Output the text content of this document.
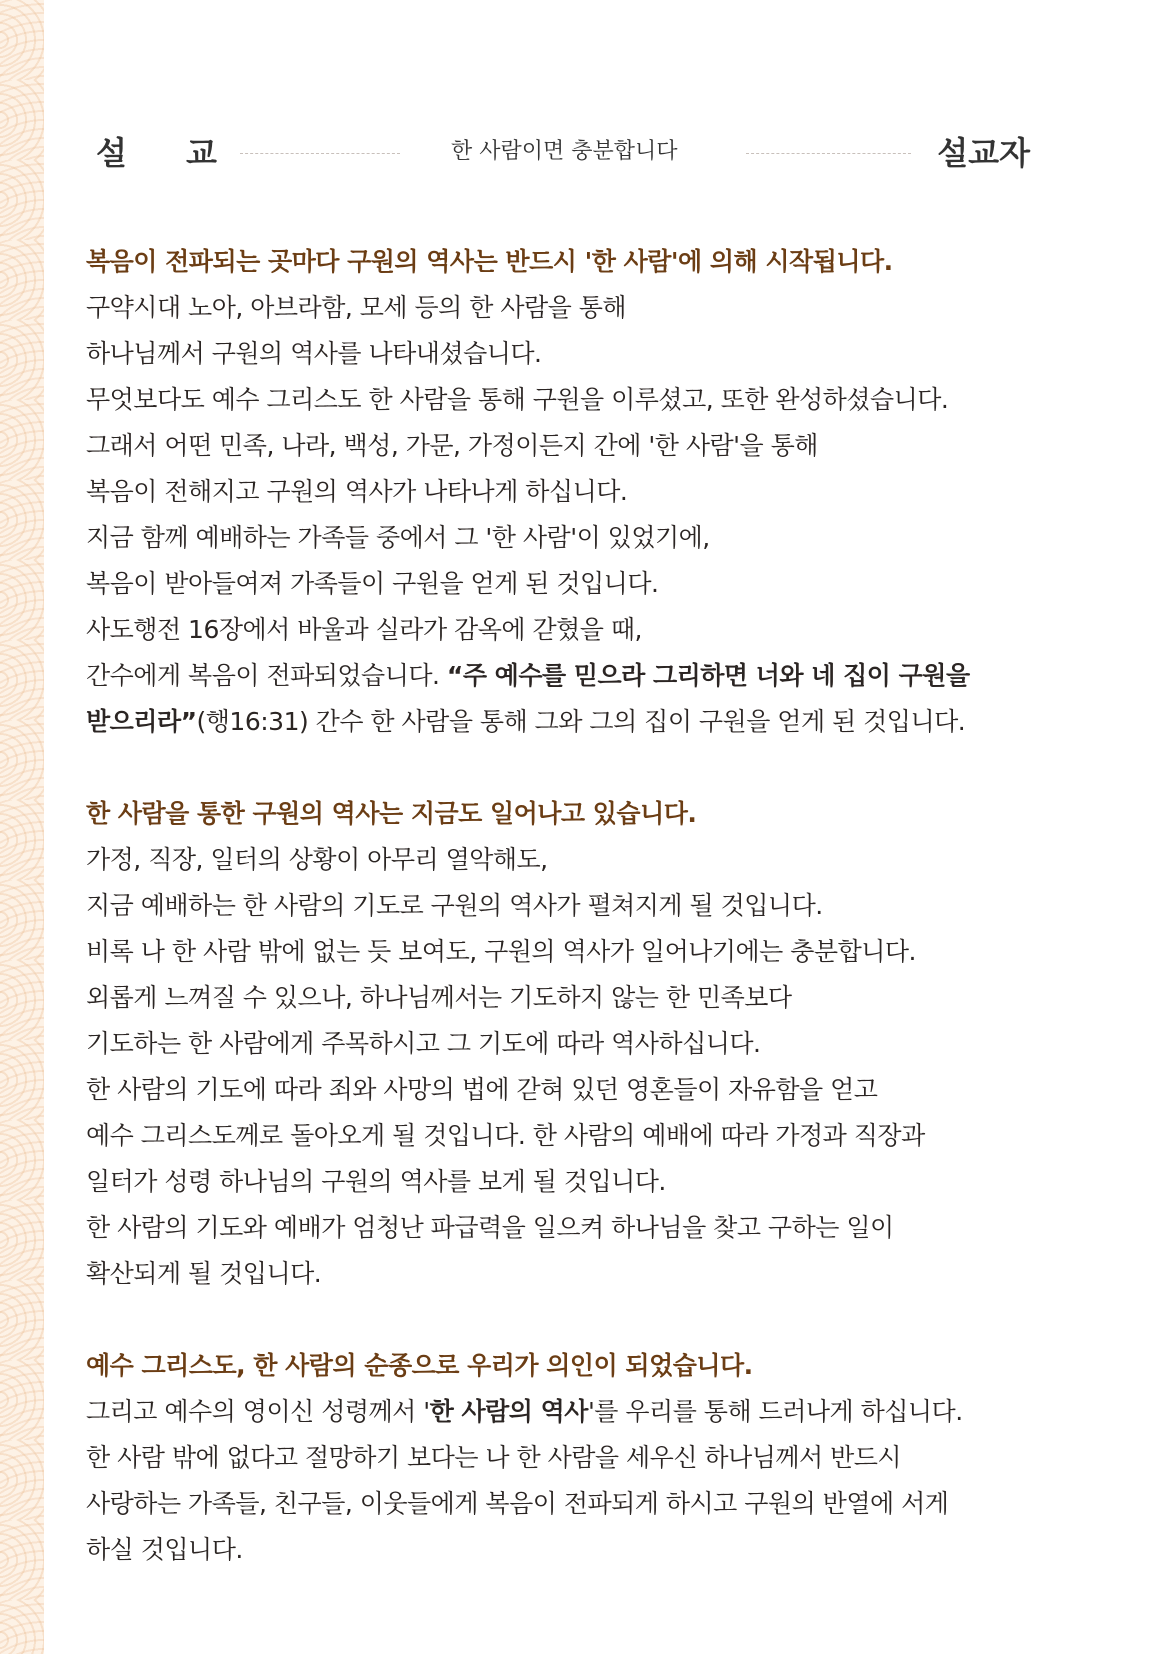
설 교	한 사람이면 충분합니다	설교자
복음이 전파되는 곳마다 구원의 역사는 반드시 '한 사람'에 의해 시작됩니다.
구약시대 노아, 아브라함, 모세 등의 한 사람을 통해
하나님께서 구원의 역사를 나타내셨습니다.
무엇보다도 예수 그리스도 한 사람을 통해 구원을 이루셨고, 또한 완성하셨습니다.
그래서 어떤 민족, 나라, 백성, 가문, 가정이든지 간에 '한 사람'을 통해
복음이 전해지고 구원의 역사가 나타나게 하십니다.
지금 함께 예배하는 가족들 중에서 그 '한 사람'이 있었기에,
복음이 받아들여져 가족들이 구원을 얻게 된 것입니다.
사도행전 16장에서 바울과 실라가 감옥에 갇혔을 때,
간수에게 복음이 전파되었습니다. “주 예수를 믿으라 그리하면 너와 네 집이 구원을
받으리라”(행16:31) 간수 한 사람을 통해 그와 그의 집이 구원을 얻게 된 것입니다.
한 사람을 통한 구원의 역사는 지금도 일어나고 있습니다.
가정, 직장, 일터의 상황이 아무리 열악해도,
지금 예배하는 한 사람의 기도로 구원의 역사가 펼쳐지게 될 것입니다.
비록 나 한 사람 밖에 없는 듯 보여도, 구원의 역사가 일어나기에는 충분합니다.
외롭게 느껴질 수 있으나, 하나님께서는 기도하지 않는 한 민족보다
기도하는 한 사람에게 주목하시고 그 기도에 따라 역사하십니다.
한 사람의 기도에 따라 죄와 사망의 법에 갇혀 있던 영혼들이 자유함을 얻고
예수 그리스도께로 돌아오게 될 것입니다. 한 사람의 예배에 따라 가정과 직장과
일터가 성령 하나님의 구원의 역사를 보게 될 것입니다.
한 사람의 기도와 예배가 엄청난 파급력을 일으켜 하나님을 찾고 구하는 일이
확산되게 될 것입니다.
예수 그리스도, 한 사람의 순종으로 우리가 의인이 되었습니다.
그리고 예수의 영이신 성령께서 '한 사람의 역사'를 우리를 통해 드러나게 하십니다.
한 사람 밖에 없다고 절망하기 보다는 나 한 사람을 세우신 하나님께서 반드시
사랑하는 가족들, 친구들, 이웃들에게 복음이 전파되게 하시고 구원의 반열에 서게
하실 것입니다.
